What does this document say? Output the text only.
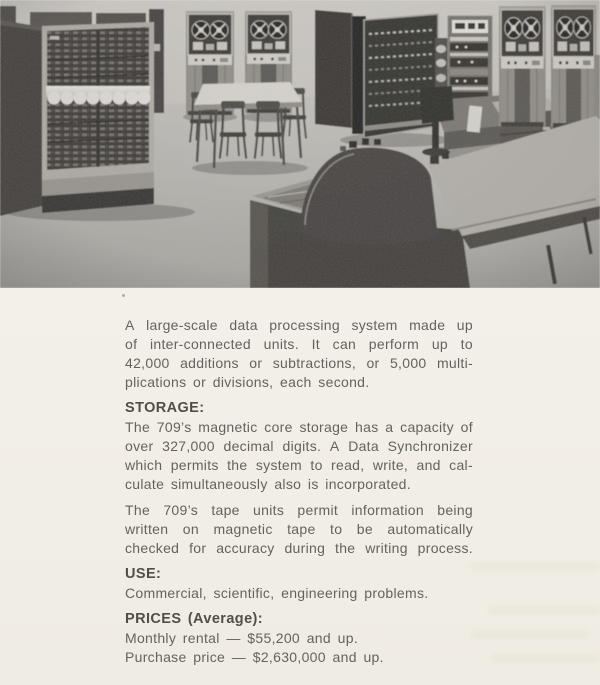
A large-scale data processing system made up
of inter-connected units. It can perform up to
42,000 additions or subtractions, or 5,000 multi-
plications or divisions, each second.

STORAGE:

The 709’s magnetic core storage has a capacity of
over 327,000 decimal digits. A Data Synchronizer
which permits the system to read, write, and cal-
culate simultaneously also is incorporated.

The 709’s tape units permit information being
written on magnetic tape to be automatically
checked for accuracy during the writing process.

USE:

Commercial, scientific, engineering problems.

PRICES (Average):

Monthly rental — $55,200 and up.
Purchase price — $2,630,000 and up.
